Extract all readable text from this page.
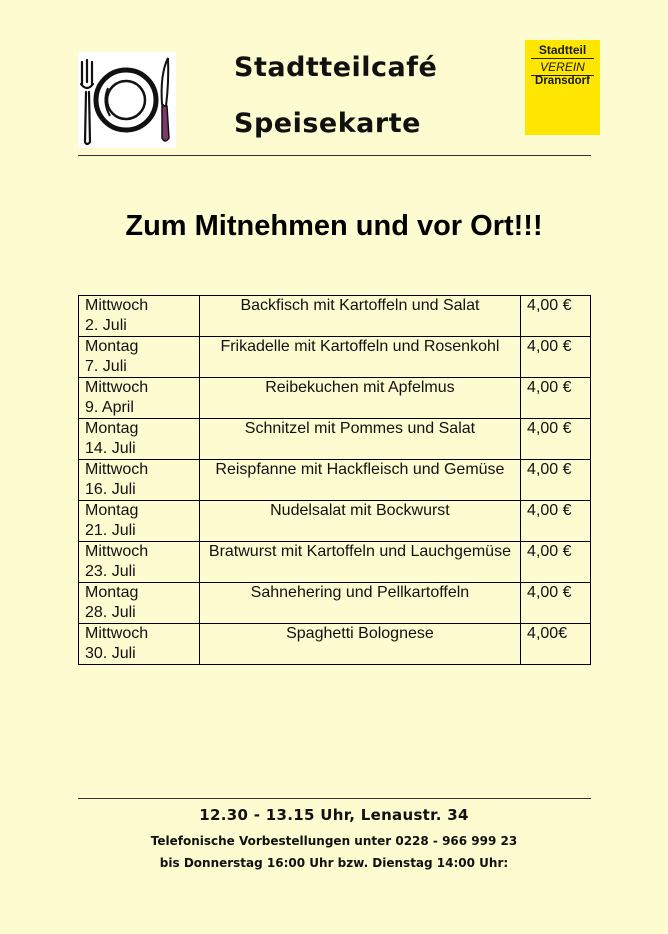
Stadtteilcafé
Speisekarte
Stadtteil
VEREIN
Dransdorf
Zum Mitnehmen und vor Ort!!!
Mittwoch
2. Juli	Backfisch mit Kartoffeln und Salat	4,00 €

Montag
7. Juli	Frikadelle mit Kartoffeln und Rosenkohl	4,00 €

Mittwoch
9. April	Reibekuchen mit Apfelmus	4,00 €

Montag
14. Juli	Schnitzel mit Pommes und Salat	4,00 €

Mittwoch
16. Juli	Reispfanne mit Hackfleisch und Gemüse	4,00 €

Montag
21. Juli	Nudelsalat mit Bockwurst	4,00 €

Mittwoch
23. Juli	Bratwurst mit Kartoffeln und Lauchgemüse	4,00 €

Montag
28. Juli	Sahnehering und Pellkartoffeln	4,00 €

Mittwoch
30. Juli	Spaghetti Bolognese	4,00€
12.30 - 13.15 Uhr, Lenaustr. 34
Telefonische Vorbestellungen unter 0228 - 966 999 23
bis Donnerstag 16:00 Uhr bzw. Dienstag 14:00 Uhr:
